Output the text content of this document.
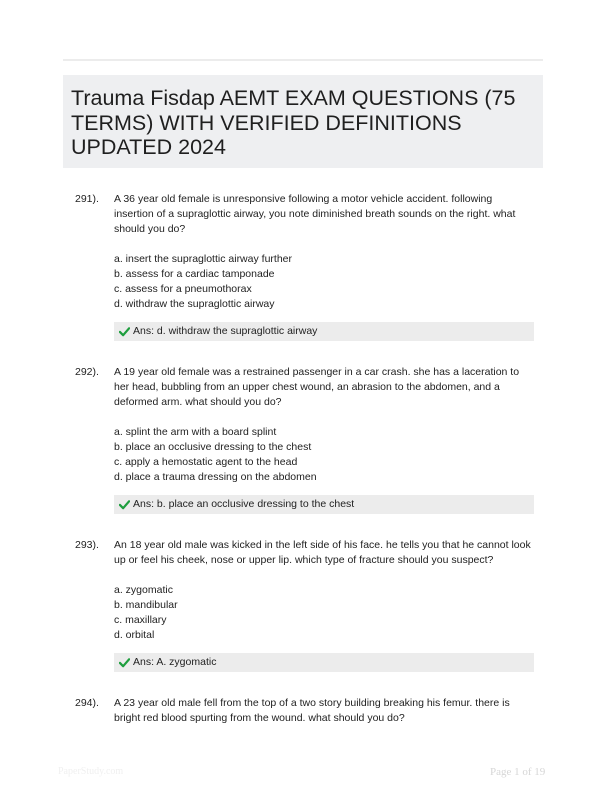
Trauma Fisdap AEMT EXAM QUESTIONS (75 TERMS) WITH VERIFIED DEFINITIONS UPDATED 2024
291). A 36 year old female is unresponsive following a motor vehicle accident. following insertion of a supraglottic airway, you note diminished breath sounds on the right. what should you do?
a. insert the supraglottic airway further
b. assess for a cardiac tamponade
c. assess for a pneumothorax
d. withdraw the supraglottic airway
Ans: d. withdraw the supraglottic airway
292). A 19 year old female was a restrained passenger in a car crash. she has a laceration to her head, bubbling from an upper chest wound, an abrasion to the abdomen, and a deformed arm. what should you do?
a. splint the arm with a board splint
b. place an occlusive dressing to the chest
c. apply a hemostatic agent to the head
d. place a trauma dressing on the abdomen
Ans: b. place an occlusive dressing to the chest
293). An 18 year old male was kicked in the left side of his face. he tells you that he cannot look up or feel his cheek, nose or upper lip. which type of fracture should you suspect?
a. zygomatic
b. mandibular
c. maxillary
d. orbital
Ans: A. zygomatic
294). A 23 year old male fell from the top of a two story building breaking his femur. there is bright red blood spurting from the wound. what should you do?
PaperStudy.com	Page 1 of 19
